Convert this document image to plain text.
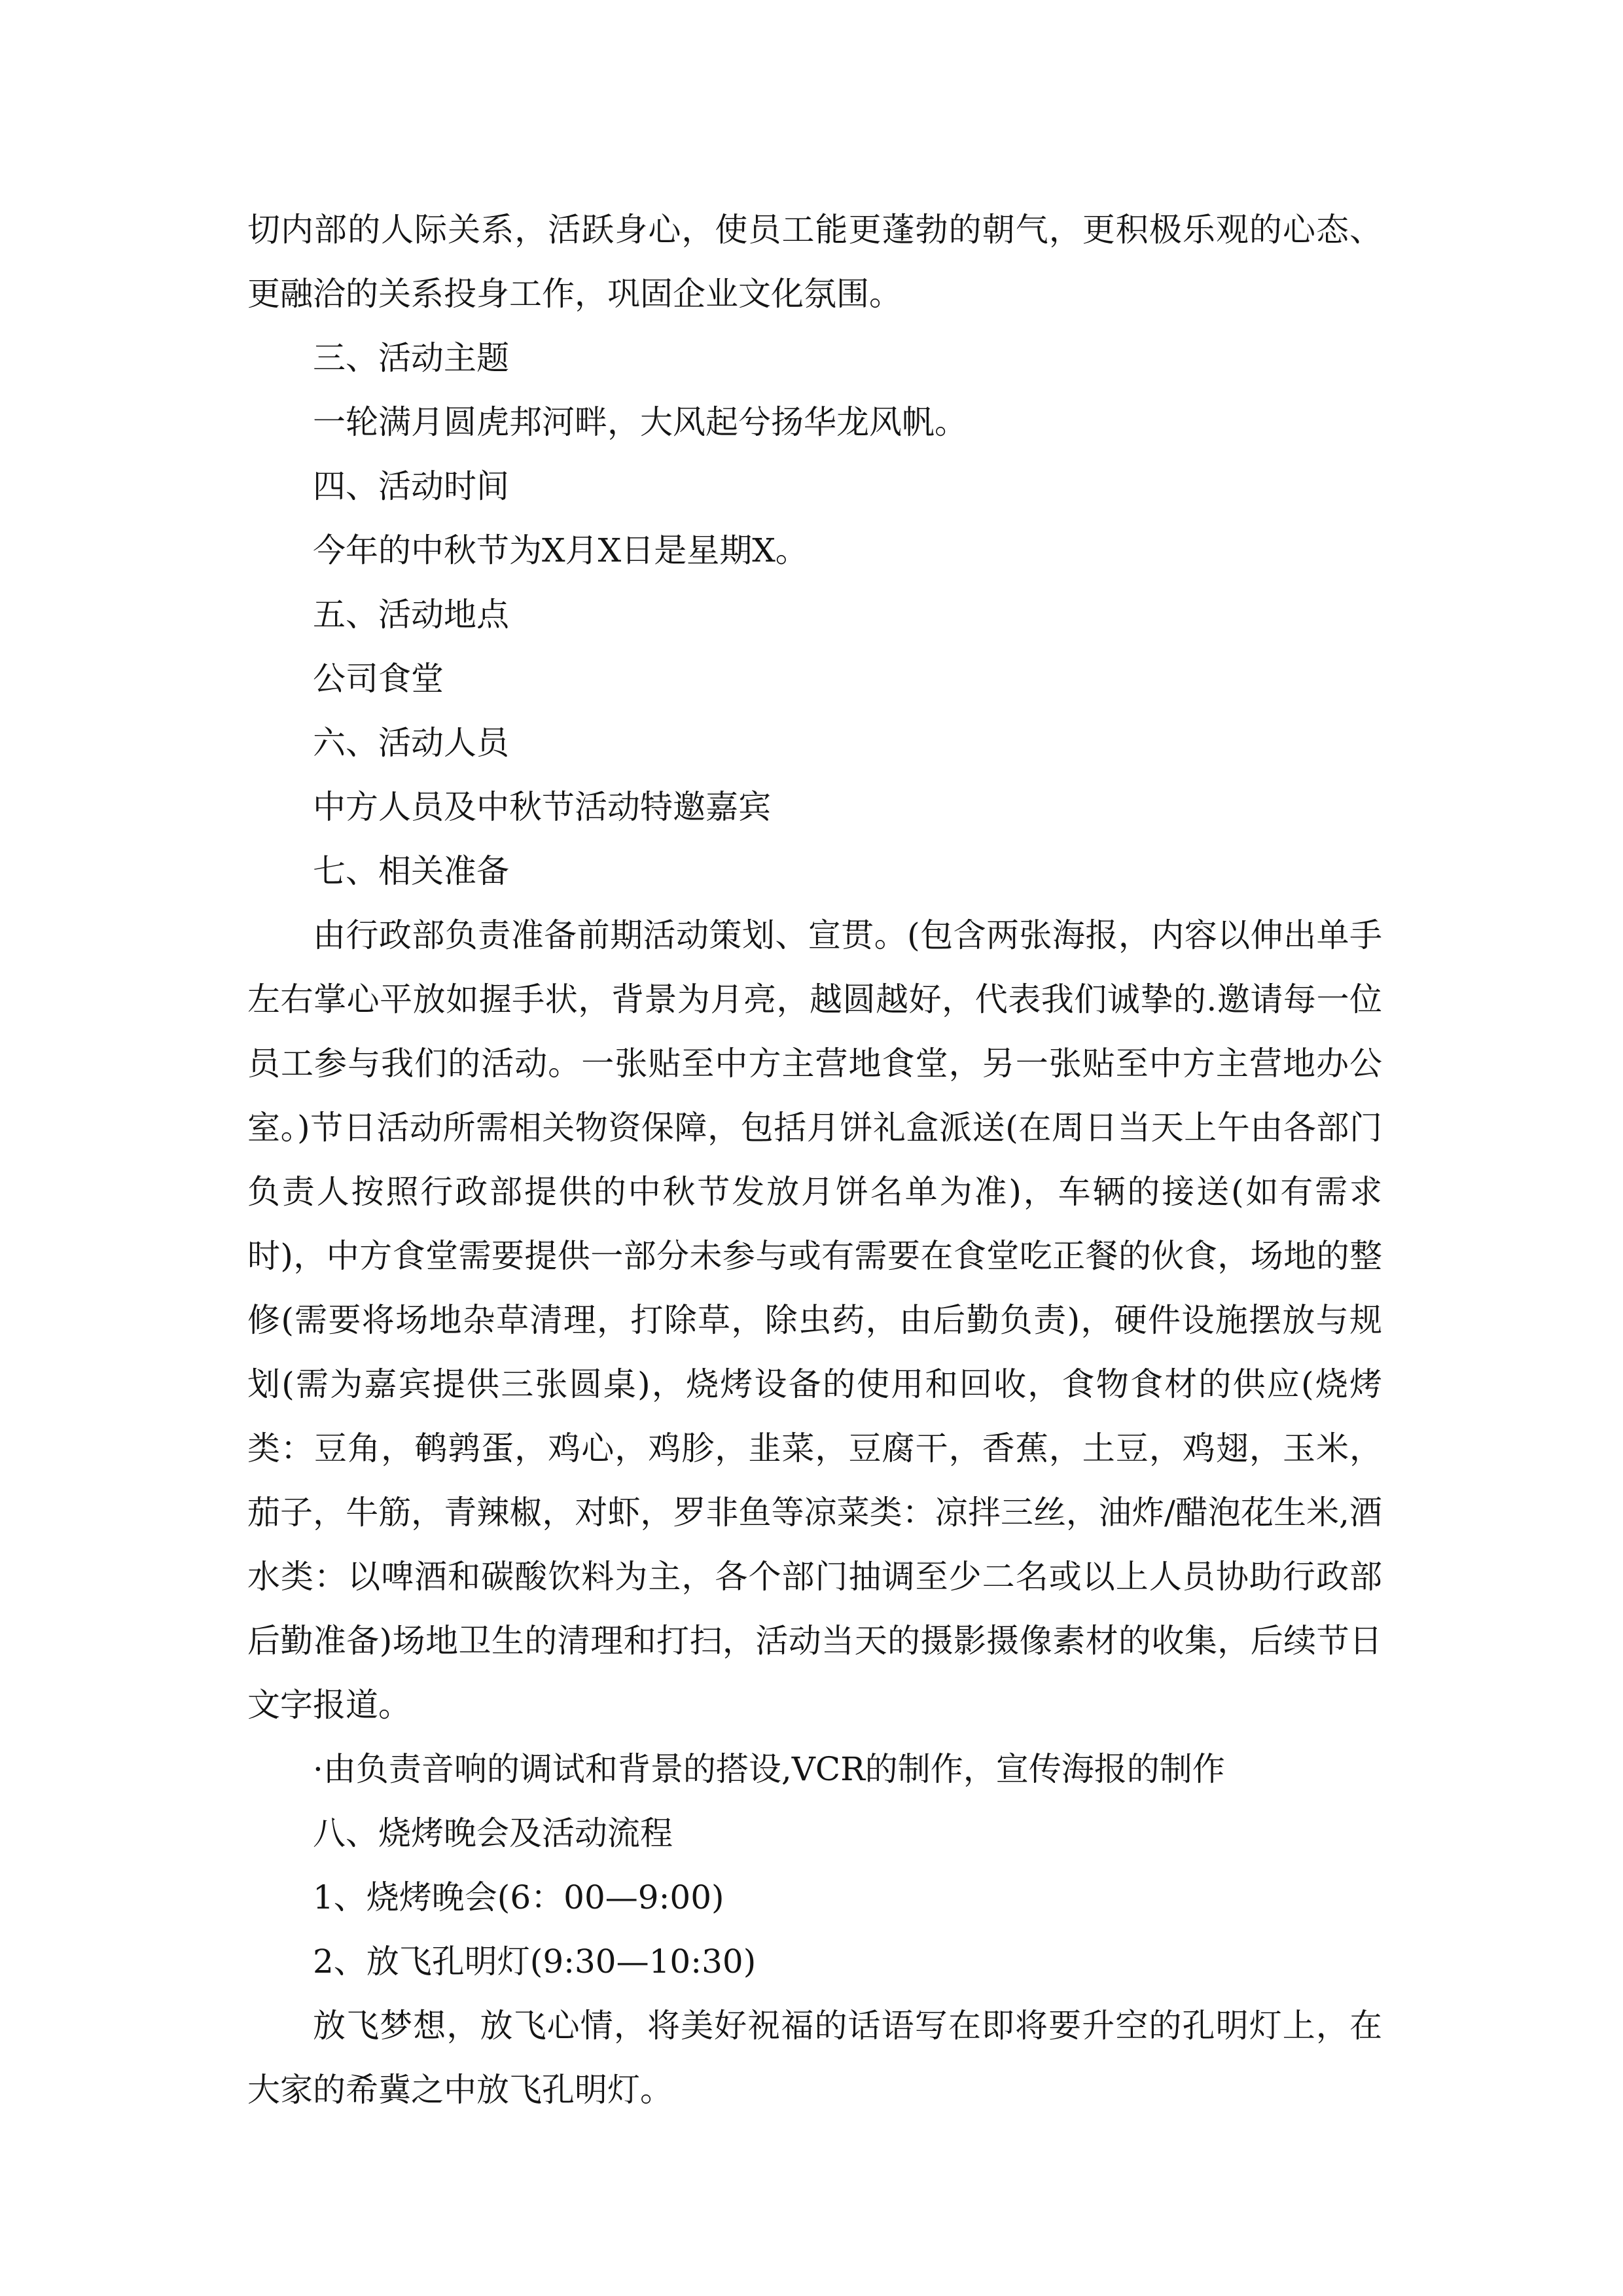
切内部的人际关系，活跃身心，使员工能更蓬勃的朝气，更积极乐观的心态、更融洽的关系投身工作，巩固企业文化氛围。

三、活动主题

一轮满月圆虎邦河畔，大风起兮扬华龙风帆。

四、活动时间

今年的中秋节为X月X日是星期X。

五、活动地点

公司食堂

六、活动人员

中方人员及中秋节活动特邀嘉宾

七、相关准备

由行政部负责准备前期活动策划、宣贯。(包含两张海报，内容以伸出单手左右掌心平放如握手状，背景为月亮，越圆越好，代表我们诚挚的.邀请每一位员工参与我们的活动。一张贴至中方主营地食堂，另一张贴至中方主营地办公室。)节日活动所需相关物资保障，包括月饼礼盒派送(在周日当天上午由各部门负责人按照行政部提供的中秋节发放月饼名单为准)，车辆的接送(如有需求时)，中方食堂需要提供一部分未参与或有需要在食堂吃正餐的伙食，场地的整修(需要将场地杂草清理，打除草，除虫药，由后勤负责)，硬件设施摆放与规划(需为嘉宾提供三张圆桌)，烧烤设备的使用和回收，食物食材的供应(烧烤类：豆角，鹌鹑蛋，鸡心，鸡胗，韭菜，豆腐干，香蕉，土豆，鸡翅，玉米，茄子，牛筋，青辣椒，对虾，罗非鱼等凉菜类：凉拌三丝，油炸/醋泡花生米,酒水类：以啤酒和碳酸饮料为主，各个部门抽调至少二名或以上人员协助行政部后勤准备)场地卫生的清理和打扫，活动当天的摄影摄像素材的收集，后续节日文字报道。

·由负责音响的调试和背景的搭设,VCR的制作，宣传海报的制作

八、烧烤晚会及活动流程

1、烧烤晚会(6：00—9:00)

2、放飞孔明灯(9:30—10:30)

放飞梦想，放飞心情，将美好祝福的话语写在即将要升空的孔明灯上，在大家的希冀之中放飞孔明灯。
